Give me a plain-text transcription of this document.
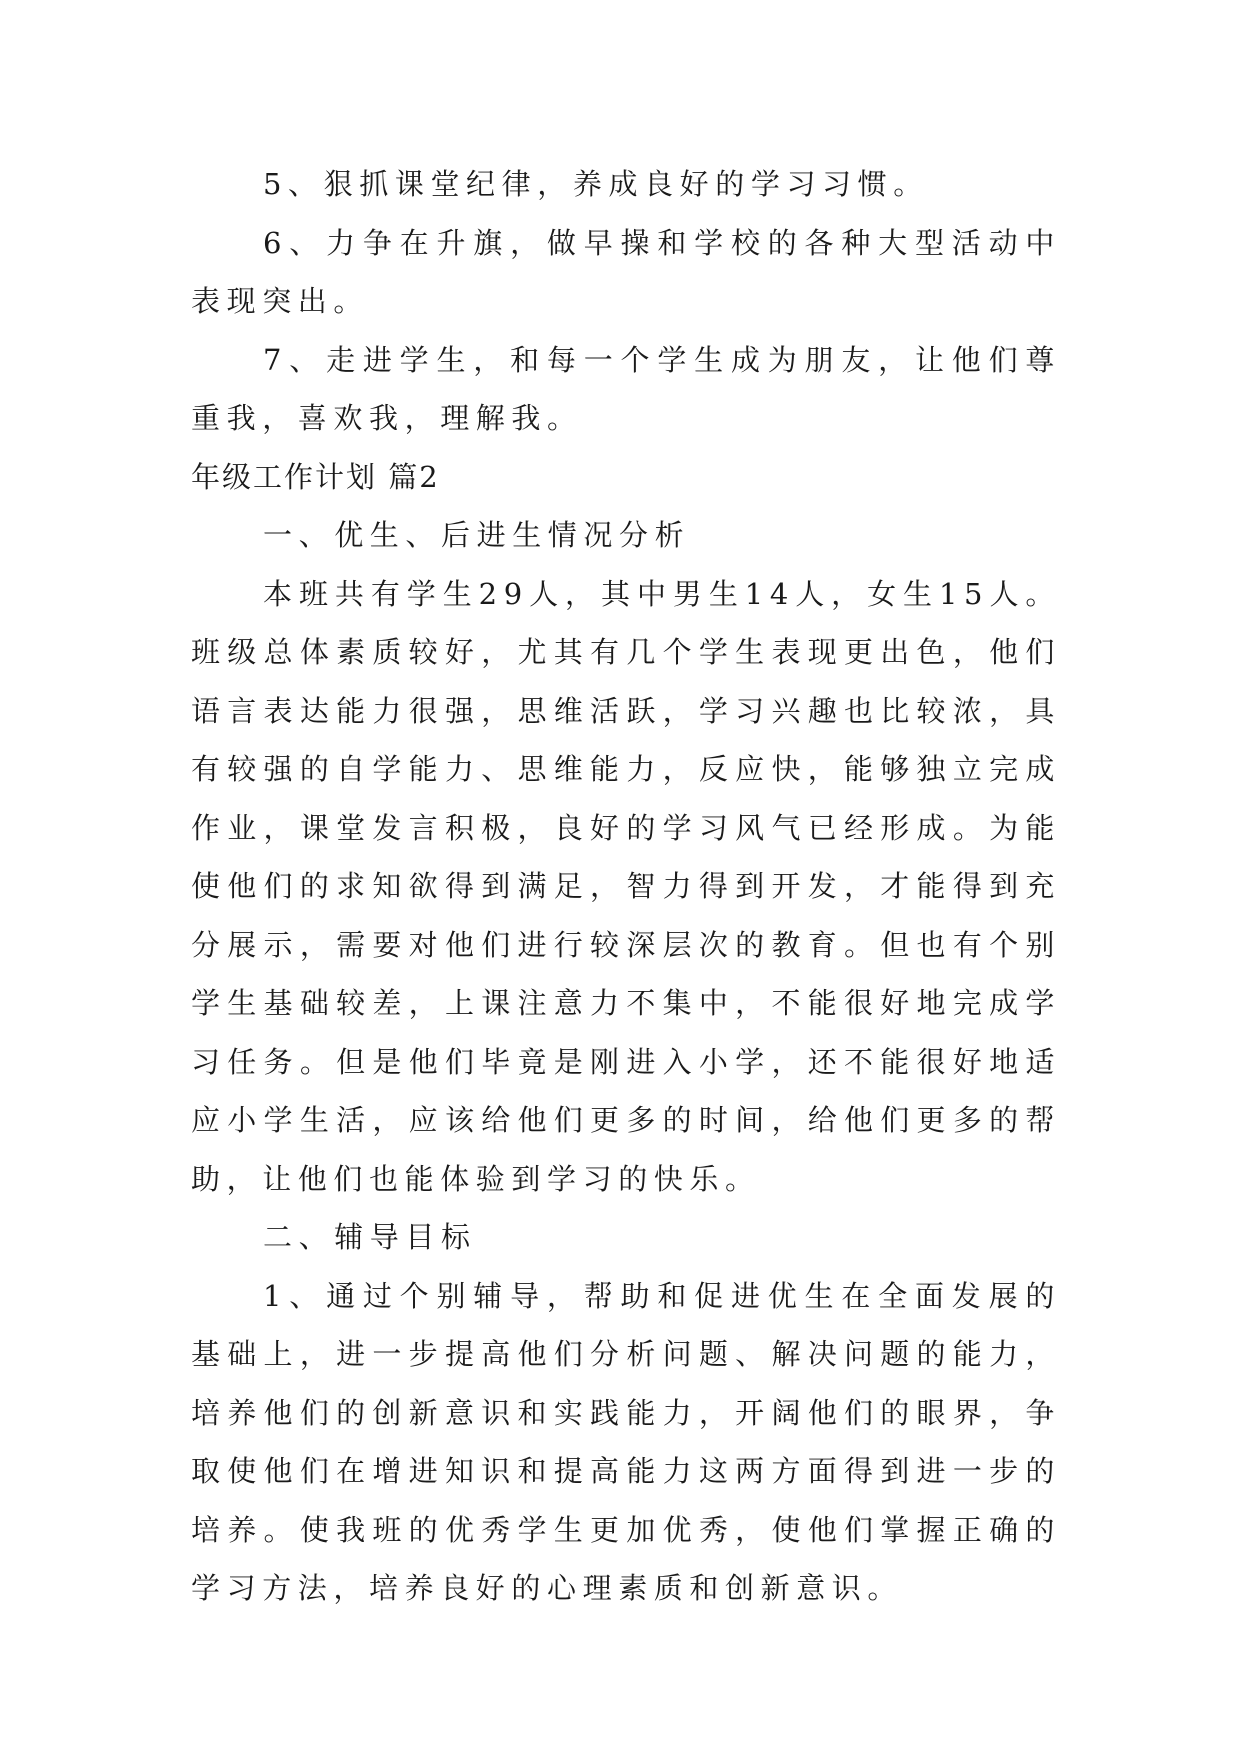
5、狠抓课堂纪律，养成良好的学习习惯。

6、力争在升旗，做早操和学校的各种大型活动中表现突出。

7、走进学生，和每一个学生成为朋友，让他们尊重我，喜欢我，理解我。

年级工作计划 篇2

一、优生、后进生情况分析

本班共有学生29人，其中男生14人，女生15人。班级总体素质较好，尤其有几个学生表现更出色，他们语言表达能力很强，思维活跃，学习兴趣也比较浓，具有较强的自学能力、思维能力，反应快，能够独立完成作业，课堂发言积极，良好的学习风气已经形成。为能使他们的求知欲得到满足，智力得到开发，才能得到充分展示，需要对他们进行较深层次的教育。但也有个别学生基础较差，上课注意力不集中，不能很好地完成学习任务。但是他们毕竟是刚进入小学，还不能很好地适应小学生活，应该给他们更多的时间，给他们更多的帮助，让他们也能体验到学习的快乐。

二、辅导目标

1、通过个别辅导，帮助和促进优生在全面发展的基础上，进一步提高他们分析问题、解决问题的能力，培养他们的创新意识和实践能力，开阔他们的眼界，争取使他们在增进知识和提高能力这两方面得到进一步的培养。使我班的优秀学生更加优秀，使他们掌握正确的学习方法，培养良好的心理素质和创新意识。
